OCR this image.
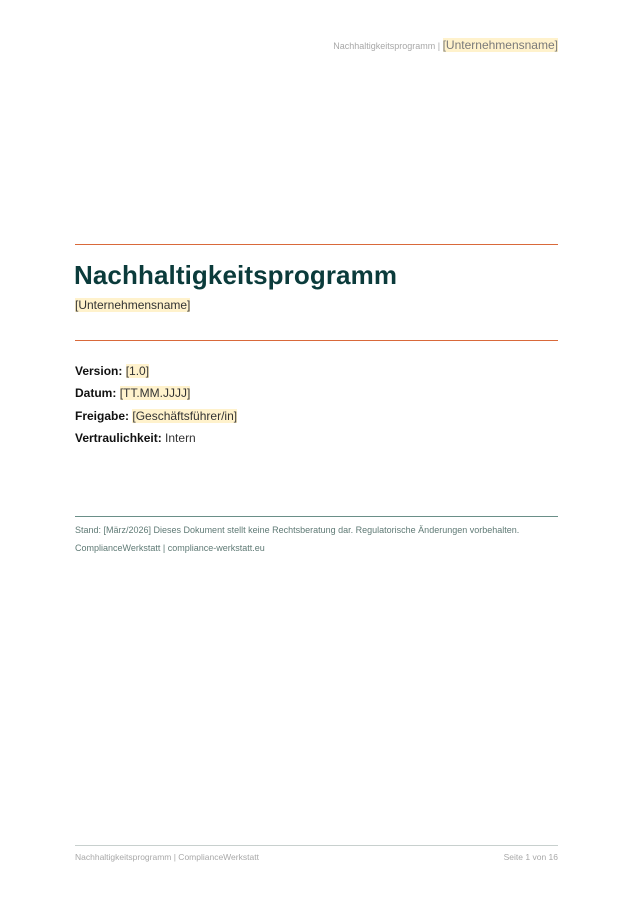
Nachhaltigkeitsprogramm | [Unternehmensname]
Nachhaltigkeitsprogramm
[Unternehmensname]
Version: [1.0]
Datum: [TT.MM.JJJJ]
Freigabe: [Geschäftsführer/in]
Vertraulichkeit: Intern
Stand: [März/2026] Dieses Dokument stellt keine Rechtsberatung dar. Regulatorische Änderungen vorbehalten.
ComplianceWerkstatt | compliance-werkstatt.eu
Nachhaltigkeitsprogramm | ComplianceWerkstatt	Seite 1 von 16
